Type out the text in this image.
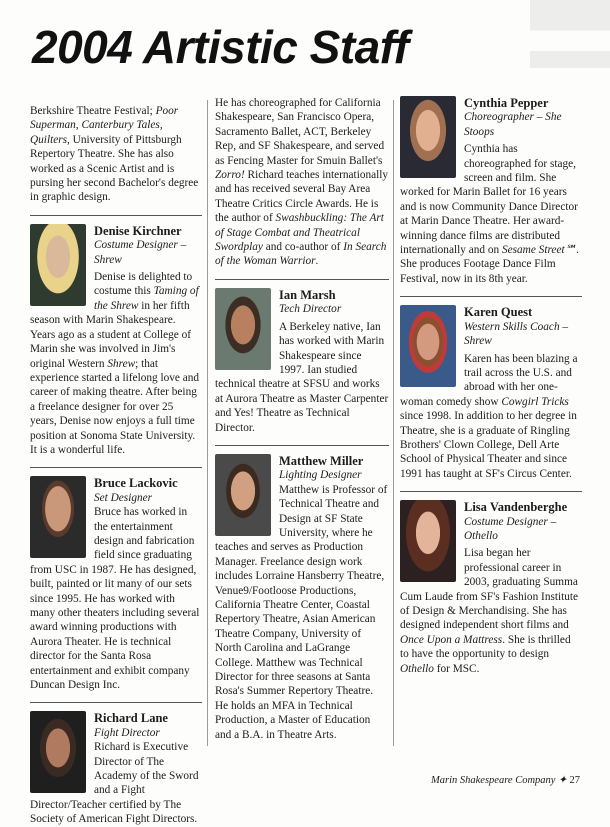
2004 Artistic Staff

Berkshire Theatre Festival; Poor Superman, Canterbury Tales, Quilters, University of Pittsburgh Repertory Theatre. She has also worked as a Scenic Artist and is pursing her second Bachelor's degree in graphic design.

Denise Kirchner

Costume Designer – Shrew

Denise is delighted to costume this Taming of the Shrew in her fifth season with Marin Shakespeare. Years ago as a student at College of Marin she was involved in Jim's original Western Shrew; that experience started a lifelong love and career of making theatre. After being a freelance designer for over 25 years, Denise now enjoys a full time position at Sonoma State University. It is a wonderful life.

Bruce Lackovic

Set Designer

Bruce has worked in the entertainment design and fabrication field since graduating from USC in 1987. He has designed, built, painted or lit many of our sets since 1995. He has worked with many other theaters including several award winning productions with Aurora Theater. He is technical director for the Santa Rosa entertainment and exhibit company Duncan Design Inc.

Richard Lane

Fight Director

Richard is Executive Director of The Academy of the Sword and a Fight Director/Teacher certified by The Society of American Fight Directors.

He has choreographed for California Shakespeare, San Francisco Opera, Sacramento Ballet, ACT, Berkeley Rep, and SF Shakespeare, and served as Fencing Master for Smuin Ballet's Zorro! Richard teaches internationally and has received several Bay Area Theatre Critics Circle Awards. He is the author of Swashbuckling: The Art of Stage Combat and Theatrical Swordplay and co-author of In Search of the Woman Warrior.

Ian Marsh

Tech Director

A Berkeley native, Ian has worked with Marin Shakespeare since 1997. Ian studied technical theatre at SFSU and works at Aurora Theatre as Master Carpenter and Yes! Theatre as Technical Director.

Matthew Miller

Lighting Designer

Matthew is Professor of Technical Theatre and Design at SF State University, where he teaches and serves as Production Manager. Freelance design work includes Lorraine Hansberry Theatre, Venue9/Footloose Productions, California Theatre Center, Coastal Repertory Theatre, Asian American Theatre Company, University of North Carolina and LaGrange College. Matthew was Technical Director for three seasons at Santa Rosa's Summer Repertory Theatre. He holds an MFA in Technical Production, a Master of Education and a B.A. in Theatre Arts.

Cynthia Pepper

Choreographer – She Stoops

Cynthia has choreographed for stage, screen and film. She worked for Marin Ballet for 16 years and is now Community Dance Director at Marin Dance Theatre. Her award-winning dance films are distributed internationally and on Sesame Street℠. She produces Footage Dance Film Festival, now in its 8th year.

Karen Quest

Western Skills Coach – Shrew

Karen has been blazing a trail across the U.S. and abroad with her one-woman comedy show Cowgirl Tricks since 1998. In addition to her degree in Theatre, she is a graduate of Ringling Brothers' Clown College, Dell Arte School of Physical Theater and since 1991 has taught at SF's Circus Center.

Lisa Vandenberghe

Costume Designer – Othello

Lisa began her professional career in 2003, graduating Summa Cum Laude from SF's Fashion Institute of Design & Merchandising. She has designed independent short films and Once Upon a Mattress. She is thrilled to have the opportunity to design Othello for MSC.

Marin Shakespeare Company ✦ 27
